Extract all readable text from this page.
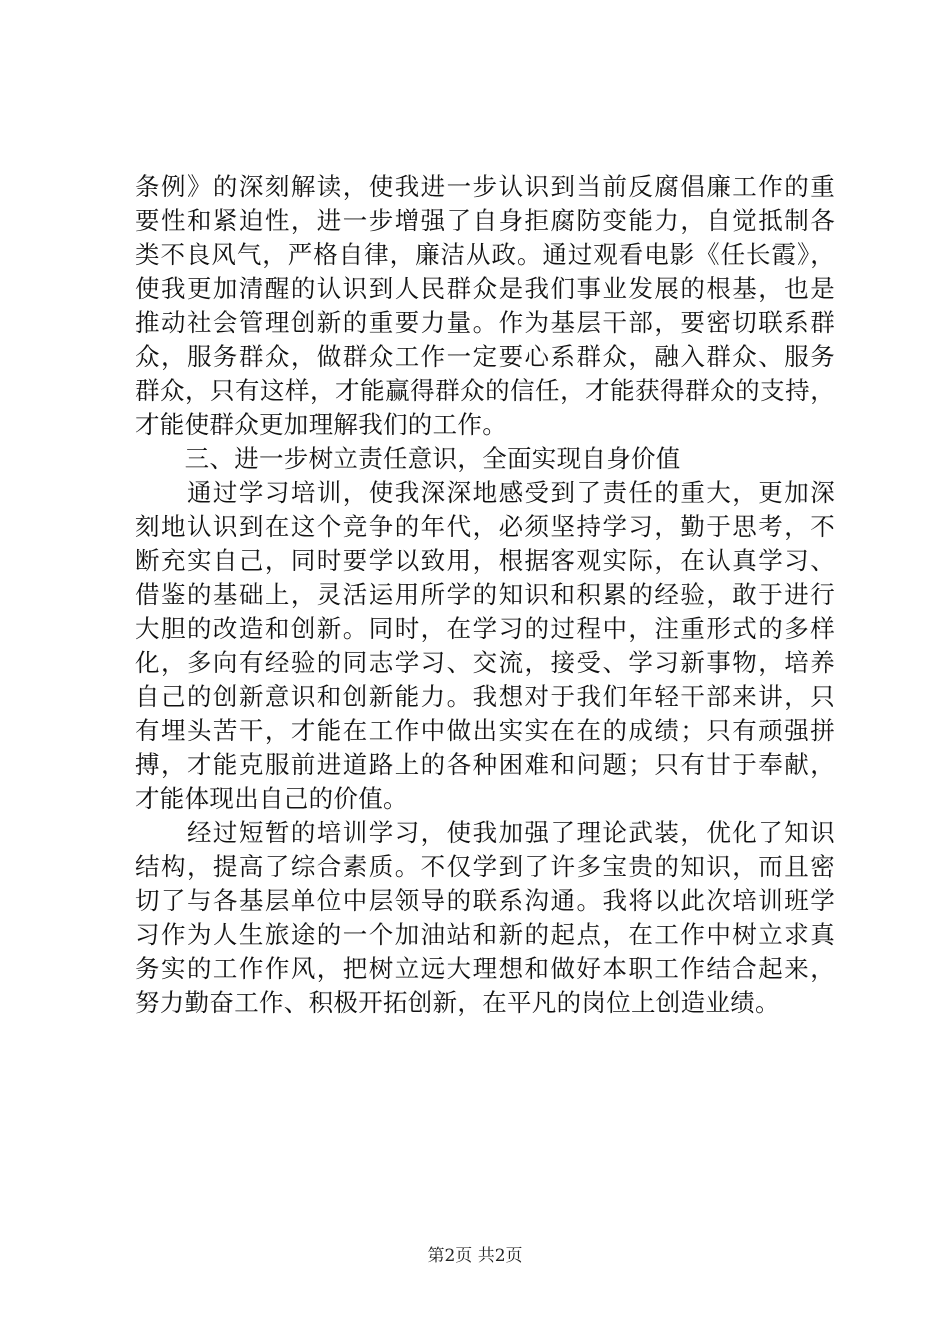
条例》的深刻解读，使我进一步认识到当前反腐倡廉工作的重
要性和紧迫性，进一步增强了自身拒腐防变能力，自觉抵制各
类不良风气，严格自律，廉洁从政。通过观看电影《任长霞》，
使我更加清醒的认识到人民群众是我们事业发展的根基，也是
推动社会管理创新的重要力量。作为基层干部，要密切联系群
众，服务群众，做群众工作一定要心系群众，融入群众、服务
群众，只有这样，才能赢得群众的信任，才能获得群众的支持，
才能使群众更加理解我们的工作。
　　三、进一步树立责任意识，全面实现自身价值
　　通过学习培训，使我深深地感受到了责任的重大，更加深
刻地认识到在这个竞争的年代，必须坚持学习，勤于思考，不
断充实自己，同时要学以致用，根据客观实际，在认真学习、
借鉴的基础上，灵活运用所学的知识和积累的经验，敢于进行
大胆的改造和创新。同时，在学习的过程中，注重形式的多样
化，多向有经验的同志学习、交流，接受、学习新事物，培养
自己的创新意识和创新能力。我想对于我们年轻干部来讲，只
有埋头苦干，才能在工作中做出实实在在的成绩；只有顽强拼
搏，才能克服前进道路上的各种困难和问题；只有甘于奉献，
才能体现出自己的价值。
　　经过短暂的培训学习，使我加强了理论武装，优化了知识
结构，提高了综合素质。不仅学到了许多宝贵的知识，而且密
切了与各基层单位中层领导的联系沟通。我将以此次培训班学
习作为人生旅途的一个加油站和新的起点，在工作中树立求真
务实的工作作风，把树立远大理想和做好本职工作结合起来，
努力勤奋工作、积极开拓创新，在平凡的岗位上创造业绩。
第2页 共2页
